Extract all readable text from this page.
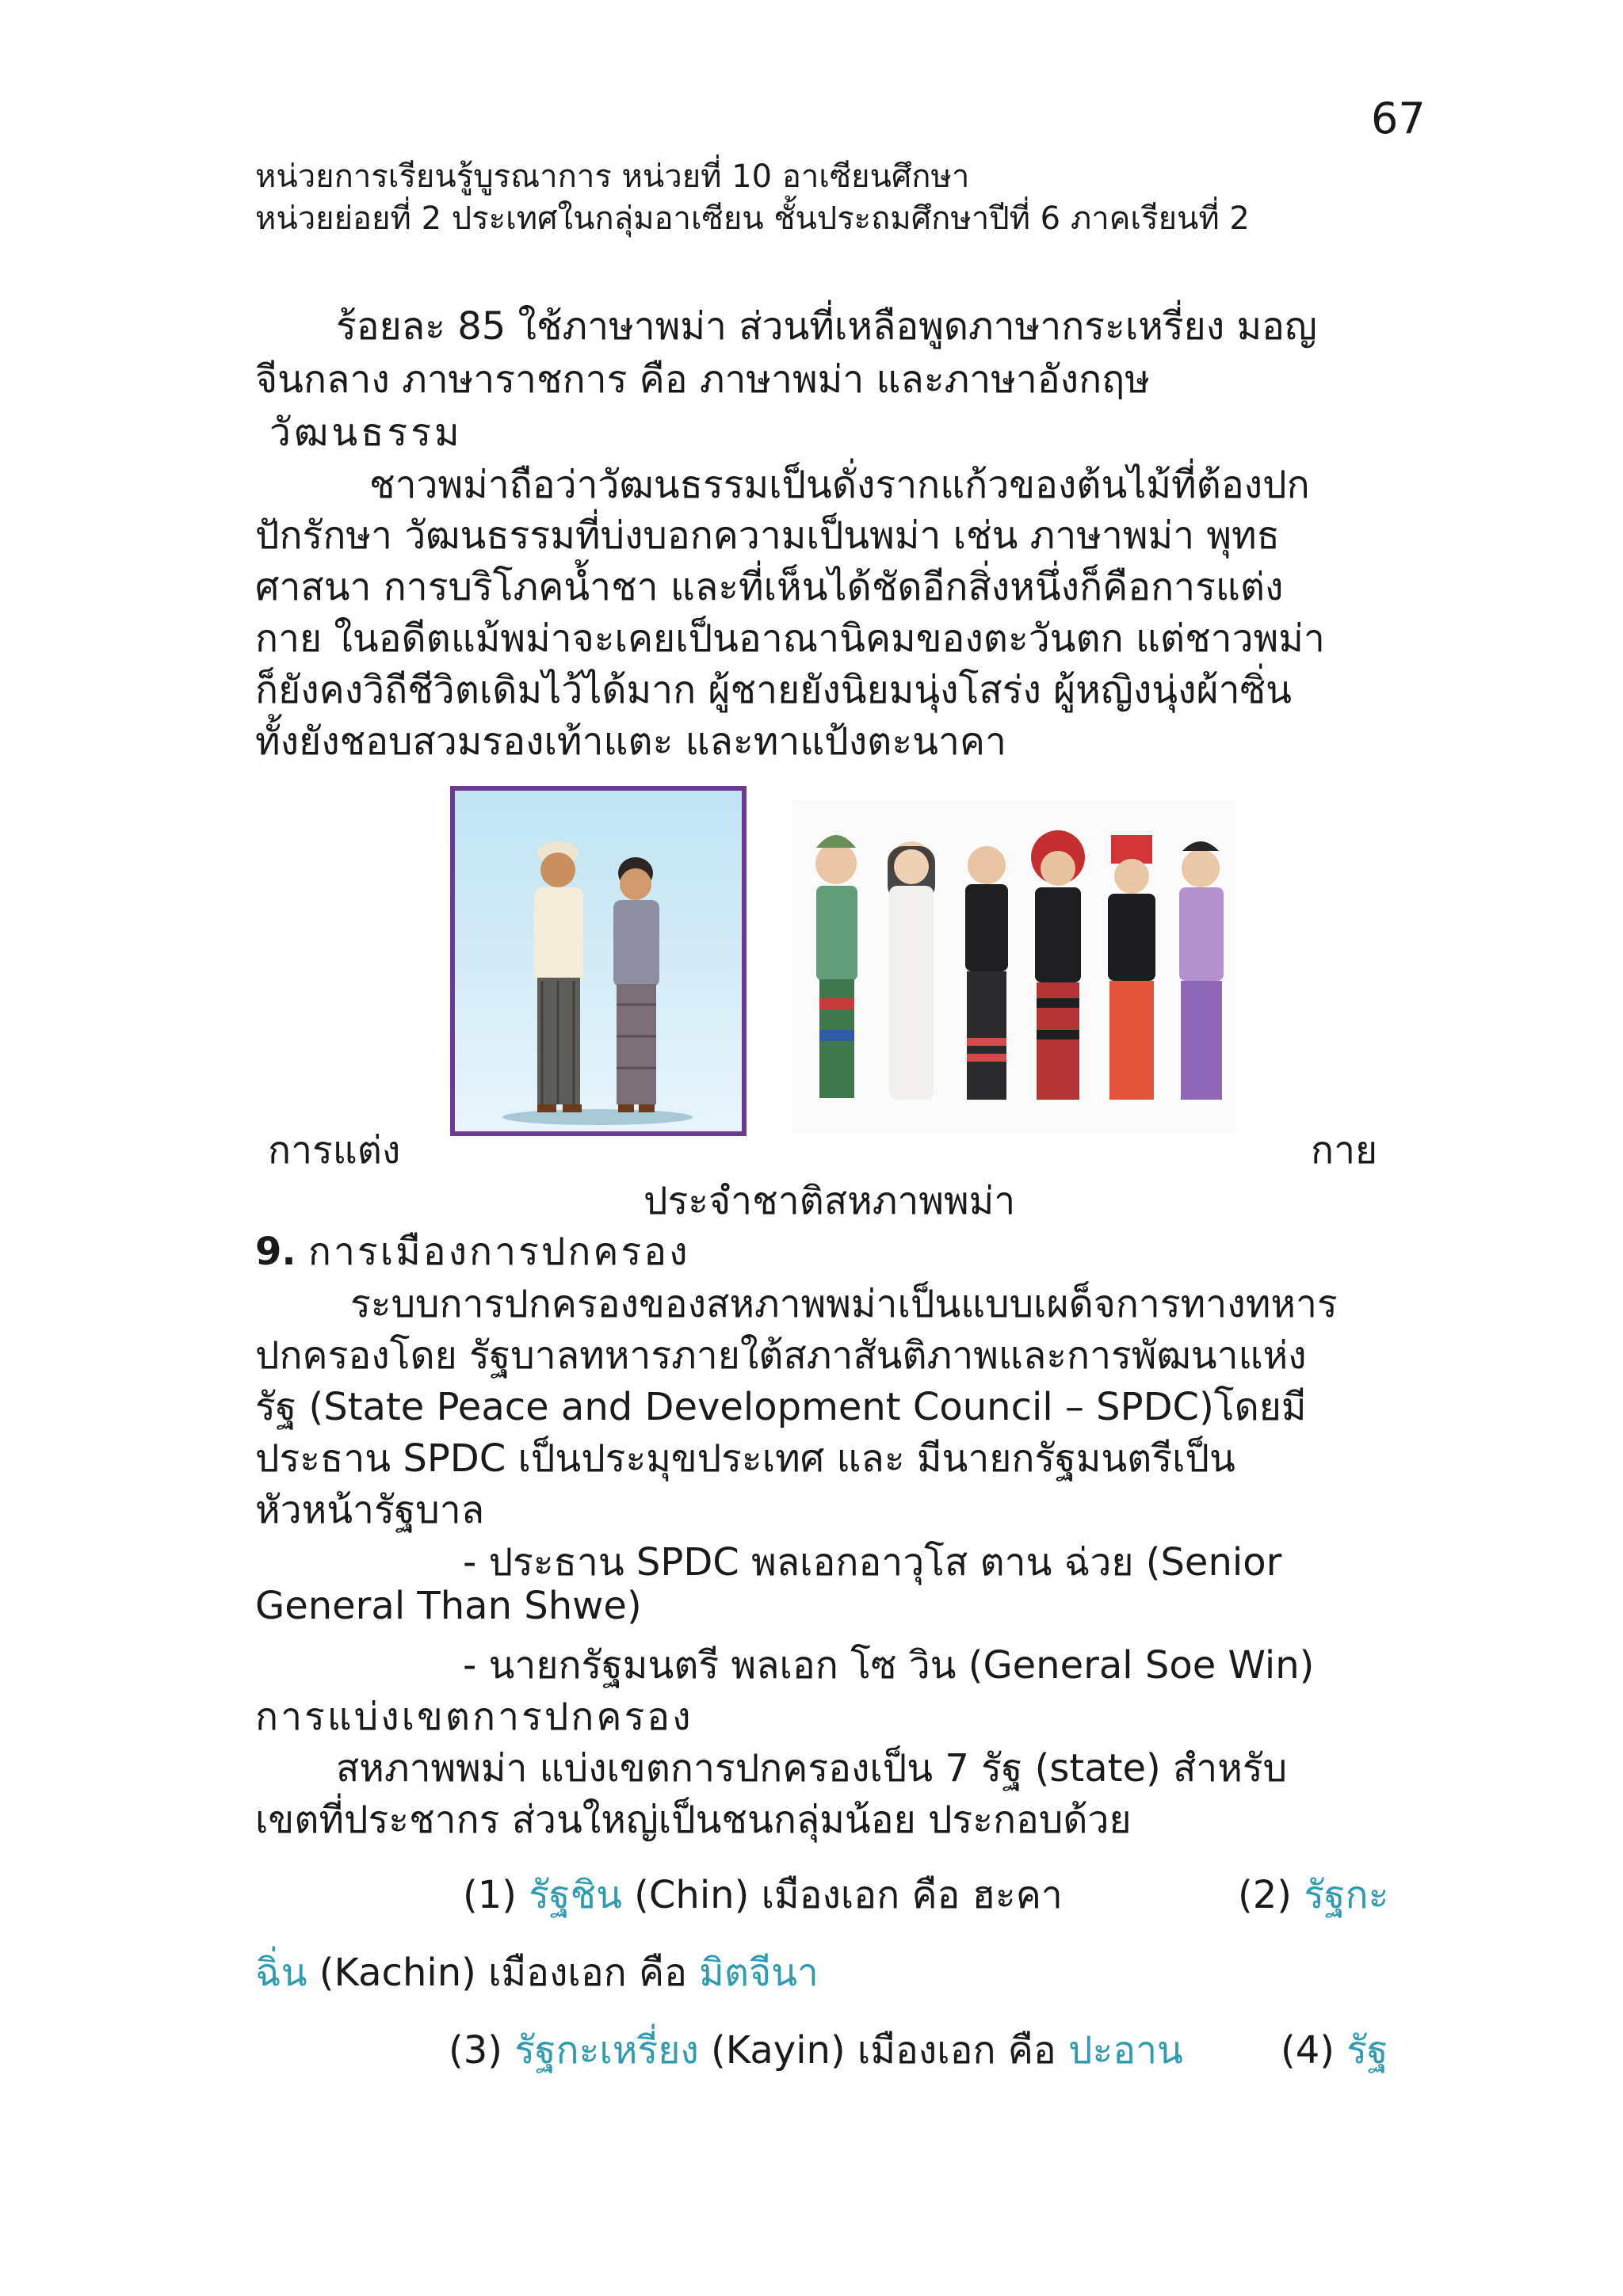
67
หน่วยการเรียนรู้บูรณาการ หน่วยที่ 10 อาเซียนศึกษา
หน่วยย่อยที่ 2 ประเทศในกลุ่มอาเซียน ชั้นประถมศึกษาปีที่ 6 ภาคเรียนที่ 2
ร้อยละ 85 ใช้ภาษาพม่า ส่วนที่เหลือพูดภาษากระเหรี่ยง มอญ
จีนกลาง ภาษาราชการ คือ ภาษาพม่า และภาษาอังกฤษ
วัฒนธรรม
ชาวพม่าถือว่าวัฒนธรรมเป็นดั่งรากแก้วของต้นไม้ที่ต้องปก
ปักรักษา วัฒนธรรมที่บ่งบอกความเป็นพม่า เช่น ภาษาพม่า พุทธ
ศาสนา การบริโภคน้ำชา และที่เห็นได้ชัดอีกสิ่งหนึ่งก็คือการแต่ง
กาย ในอดีตแม้พม่าจะเคยเป็นอาณานิคมของตะวันตก แต่ชาวพม่า
ก็ยังคงวิถีชีวิตเดิมไว้ได้มาก ผู้ชายยังนิยมนุ่งโสร่ง ผู้หญิงนุ่งผ้าซิ่น
ทั้งยังชอบสวมรองเท้าแตะ และทาแป้งตะนาคา
การแต่ง	กาย
ประจำชาติสหภาพพม่า
9. การเมืองการปกครอง
ระบบการปกครองของสหภาพพม่าเป็นแบบเผด็จการทางทหาร
ปกครองโดย รัฐบาลทหารภายใต้สภาสันติภาพและการพัฒนาแห่ง
รัฐ (State Peace and Development Council – SPDC)โดยมี
ประธาน SPDC เป็นประมุขประเทศ และ มีนายกรัฐมนตรีเป็น
หัวหน้ารัฐบาล
- ประธาน SPDC พลเอกอาวุโส ตาน ฉ่วย (Senior
General Than Shwe)
- นายกรัฐมนตรี พลเอก โซ วิน (General Soe Win)
การแบ่งเขตการปกครอง
สหภาพพม่า แบ่งเขตการปกครองเป็น 7 รัฐ (state) สำหรับ
เขตที่ประชากร ส่วนใหญ่เป็นชนกลุ่มน้อย ประกอบด้วย
(1) รัฐชิน (Chin) เมืองเอก คือ ฮะคา	(2) รัฐกะ
ฉิ่น (Kachin) เมืองเอก คือ มิตจีนา
(3) รัฐกะเหรี่ยง (Kayin) เมืองเอก คือ ปะอาน	(4) รัฐ
